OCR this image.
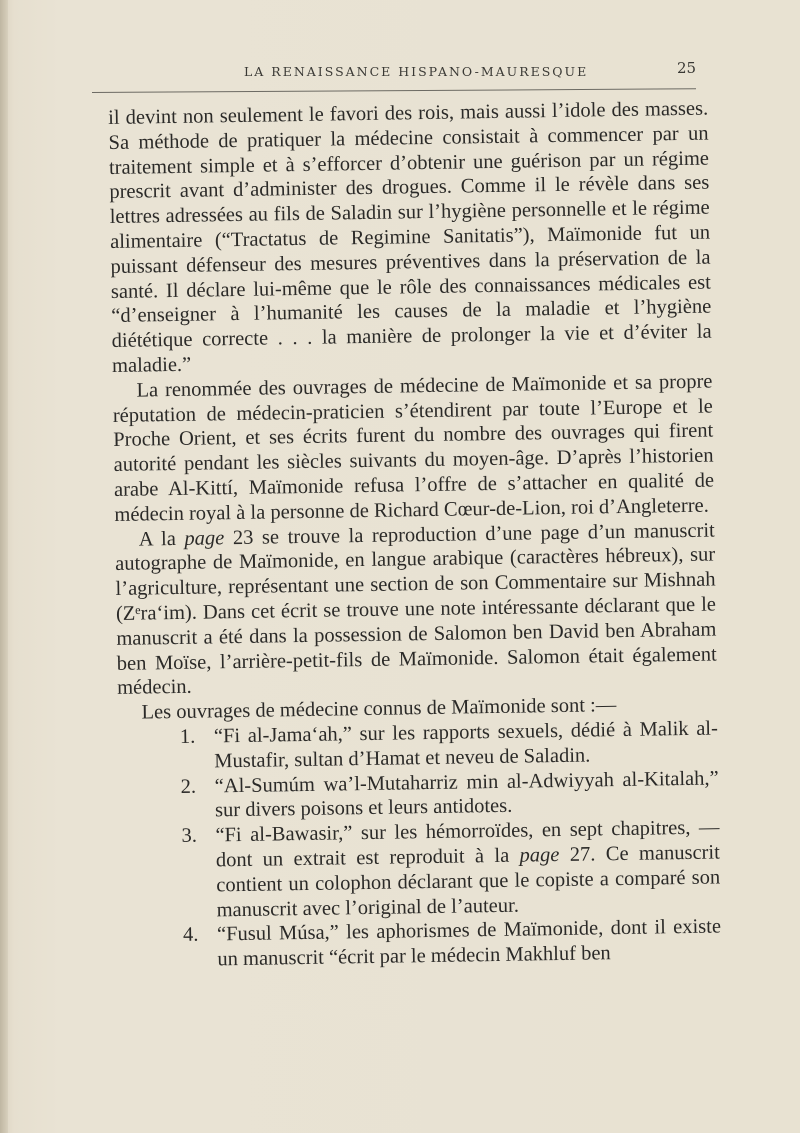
LA RENAISSANCE HISPANO-MAURESQUE	25

il devint non seulement le favori des rois, mais aussi l’idole des masses. Sa méthode de pratiquer la médecine consistait à commencer par un traitement simple et à s’efforcer d’obtenir une guérison par un régime prescrit avant d’administer des drogues. Comme il le révèle dans ses lettres adressées au fils de Saladin sur l’hygiène personnelle et le régime alimentaire (“Tractatus de Regimine Sanitatis”), Maïmonide fut un puissant défenseur des mesures préventives dans la préservation de la santé. Il déclare lui-même que le rôle des connaissances médicales est “d’enseigner à l’humanité les causes de la maladie et l’hygiène diététique correcte . . . la manière de prolonger la vie et d’éviter la maladie.”

La renommée des ouvrages de médecine de Maïmonide et sa propre réputation de médecin-praticien s’étendirent par toute l’Europe et le Proche Orient, et ses écrits furent du nombre des ouvrages qui firent autorité pendant les siècles suivants du moyen-âge. D’après l’historien arabe Al-Kittí, Maïmonide refusa l’offre de s’attacher en qualité de médecin royal à la personne de Richard Cœur-de-Lion, roi d’Angleterre.

A la page 23 se trouve la reproduction d’une page d’un manuscrit autographe de Maïmonide, en langue arabique (caractères hébreux), sur l’agriculture, représentant une section de son Commentaire sur Mishnah (Zᵉra‘im). Dans cet écrit se trouve une note intéressante déclarant que le manuscrit a été dans la possession de Salomon ben David ben Abraham ben Moïse, l’arrière-petit-fils de Maïmonide. Salomon était également médecin.

Les ouvrages de médecine connus de Maïmonide sont :—

1. “Fi al-Jama‘ah,” sur les rapports sexuels, dédié à Malik al-Mustafir, sultan d’Hamat et neveu de Saladin.
2. “Al-Sumúm wa’l-Mutaharriz min al-Adwiyyah al-Kitalah,” sur divers poisons et leurs antidotes.
3. “Fi al-Bawasir,” sur les hémorroïdes, en sept chapitres, —dont un extrait est reproduit à la page 27. Ce manuscrit contient un colophon déclarant que le copiste a comparé son manuscrit avec l’original de l’auteur.
4. “Fusul Músa,” les aphorismes de Maïmonide, dont il existe un manuscrit “écrit par le médecin Makhluf ben
